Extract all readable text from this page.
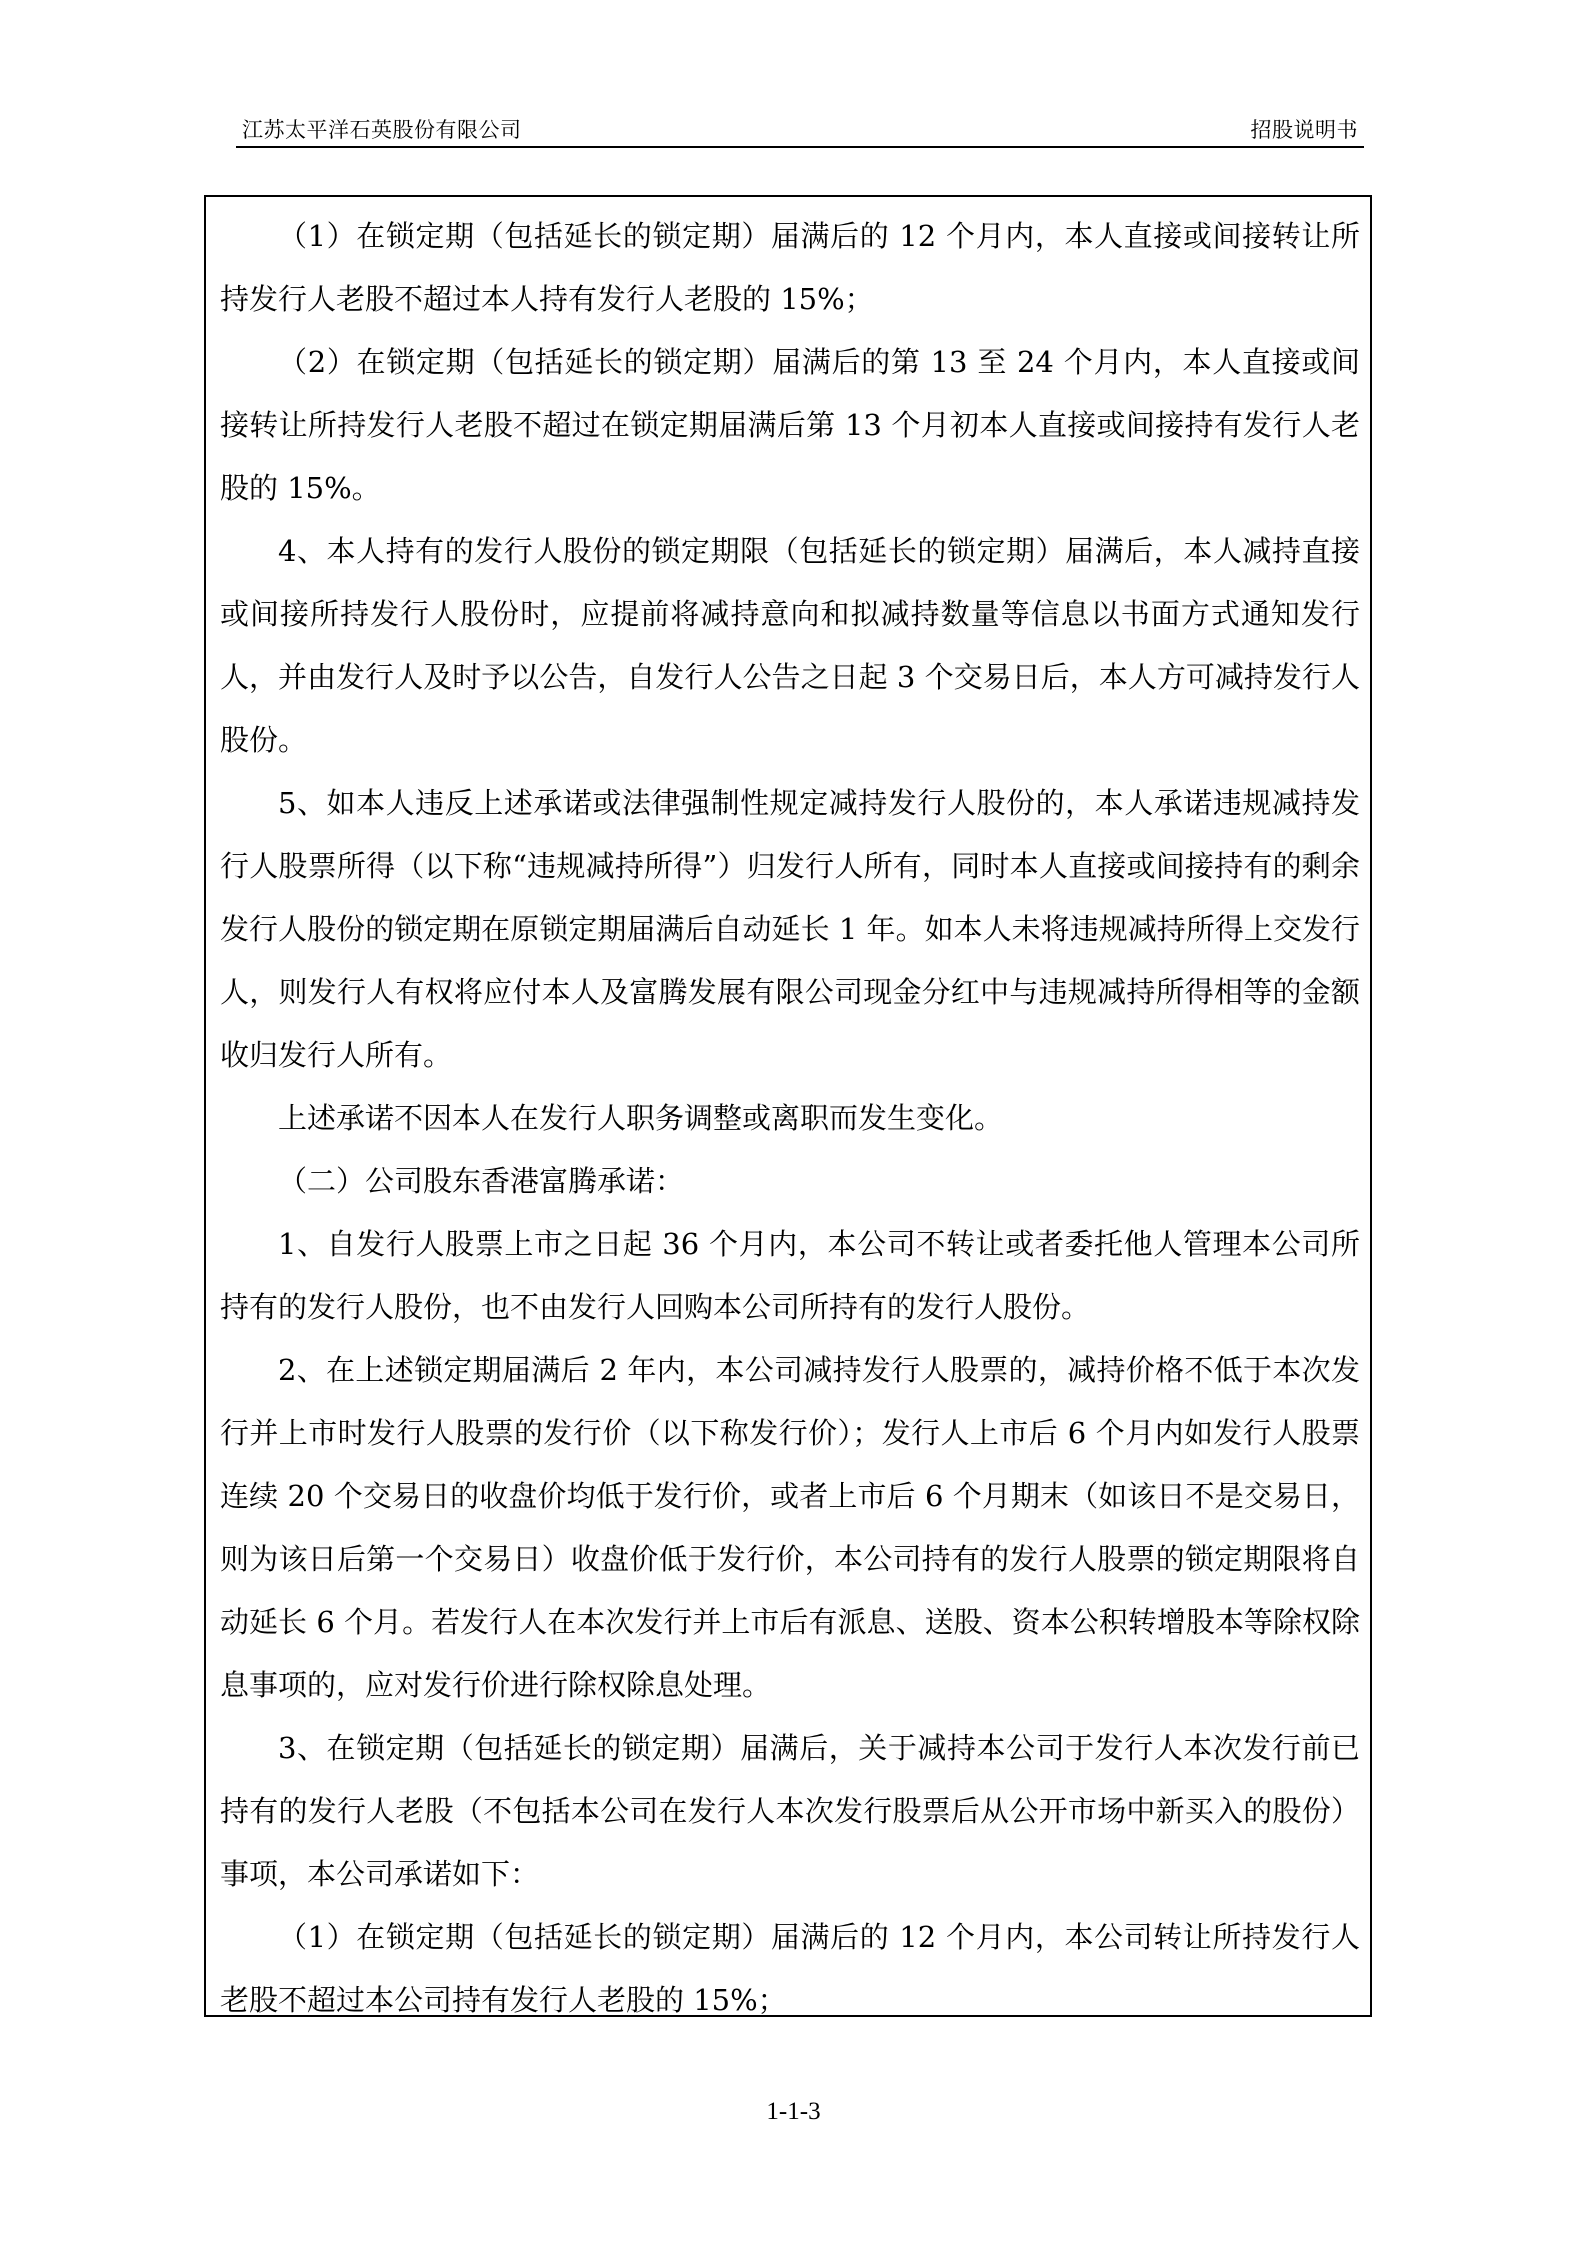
江苏太平洋石英股份有限公司	招股说明书

（1）在锁定期（包括延长的锁定期）届满后的 12 个月内，本人直接或间接转让所持发行人老股不超过本人持有发行人老股的 15%；

（2）在锁定期（包括延长的锁定期）届满后的第 13 至 24 个月内，本人直接或间接转让所持发行人老股不超过在锁定期届满后第 13 个月初本人直接或间接持有发行人老股的 15%。

4、本人持有的发行人股份的锁定期限（包括延长的锁定期）届满后，本人减持直接或间接所持发行人股份时，应提前将减持意向和拟减持数量等信息以书面方式通知发行人，并由发行人及时予以公告，自发行人公告之日起 3 个交易日后，本人方可减持发行人股份。

5、如本人违反上述承诺或法律强制性规定减持发行人股份的，本人承诺违规减持发行人股票所得（以下称“违规减持所得”）归发行人所有，同时本人直接或间接持有的剩余发行人股份的锁定期在原锁定期届满后自动延长 1 年。如本人未将违规减持所得上交发行人，则发行人有权将应付本人及富腾发展有限公司现金分红中与违规减持所得相等的金额收归发行人所有。

上述承诺不因本人在发行人职务调整或离职而发生变化。

（二）公司股东香港富腾承诺：

1、自发行人股票上市之日起 36 个月内，本公司不转让或者委托他人管理本公司所持有的发行人股份，也不由发行人回购本公司所持有的发行人股份。

2、在上述锁定期届满后 2 年内，本公司减持发行人股票的，减持价格不低于本次发行并上市时发行人股票的发行价（以下称发行价）；发行人上市后 6 个月内如发行人股票连续 20 个交易日的收盘价均低于发行价，或者上市后 6 个月期末（如该日不是交易日，则为该日后第一个交易日）收盘价低于发行价，本公司持有的发行人股票的锁定期限将自动延长 6 个月。若发行人在本次发行并上市后有派息、送股、资本公积转增股本等除权除息事项的，应对发行价进行除权除息处理。

3、在锁定期（包括延长的锁定期）届满后，关于减持本公司于发行人本次发行前已持有的发行人老股（不包括本公司在发行人本次发行股票后从公开市场中新买入的股份）事项，本公司承诺如下：

（1）在锁定期（包括延长的锁定期）届满后的 12 个月内，本公司转让所持发行人老股不超过本公司持有发行人老股的 15%；

1-1-3
